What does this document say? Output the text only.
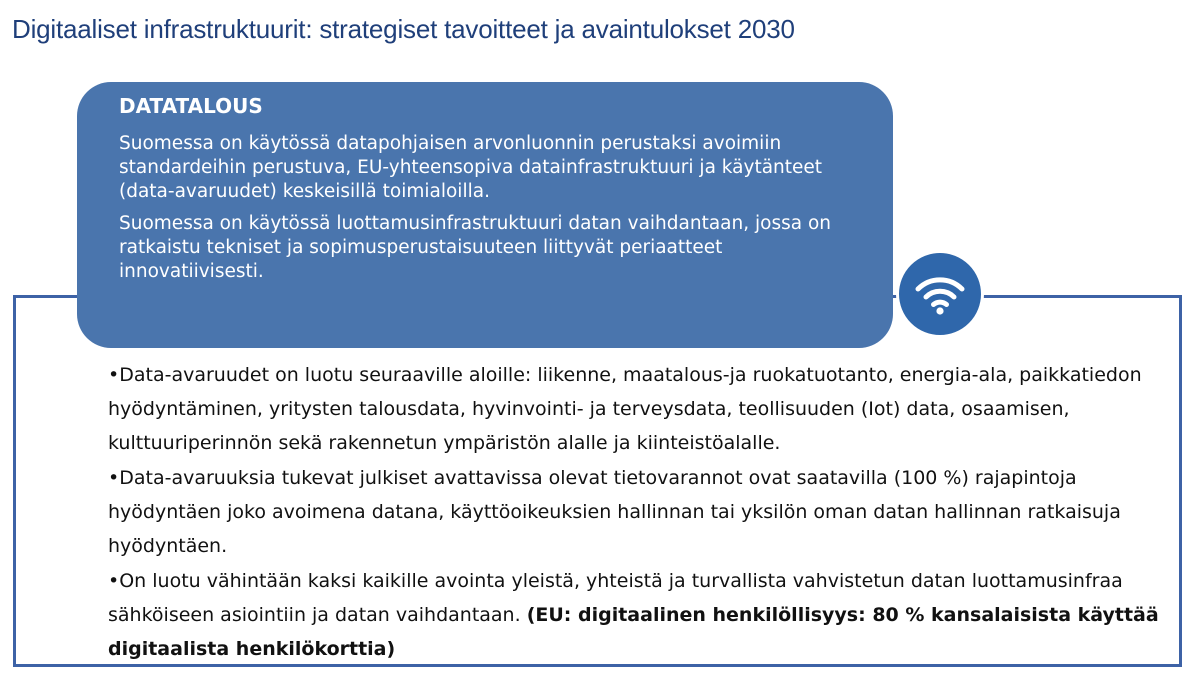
Digitaaliset infrastruktuurit: strategiset tavoitteet ja avaintulokset 2030
DATATALOUS

Suomessa on käytössä datapohjaisen arvonluonnin perustaksi avoimiin standardeihin perustuva, EU-yhteensopiva datainfrastruktuuri ja käytänteet (data-avaruudet) keskeisillä toimialoilla.

Suomessa on käytössä luottamusinfrastruktuuri datan vaihdantaan, jossa on ratkaistu tekniset ja sopimusperustaisuuteen liittyvät periaatteet innovatiivisesti.

•Data-avaruudet on luotu seuraaville aloille: liikenne, maatalous-ja ruokatuotanto, energia-ala, paikkatiedon hyödyntäminen, yritysten talousdata, hyvinvointi- ja terveysdata, teollisuuden (Iot) data, osaamisen, kulttuuriperinnön sekä rakennetun ympäristön alalle ja kiinteistöalalle.
•Data-avaruuksia tukevat julkiset avattavissa olevat tietovarannot ovat saatavilla (100 %) rajapintoja hyödyntäen joko avoimena datana, käyttöoikeuksien hallinnan tai yksilön oman datan hallinnan ratkaisuja hyödyntäen.
•On luotu vähintään kaksi kaikille avointa yleistä, yhteistä ja turvallista vahvistetun datan luottamusinfraa sähköiseen asiointiin ja datan vaihdantaan. (EU: digitaalinen henkilöllisyys: 80 % kansalaisista käyttää digitaalista henkilökorttia)
